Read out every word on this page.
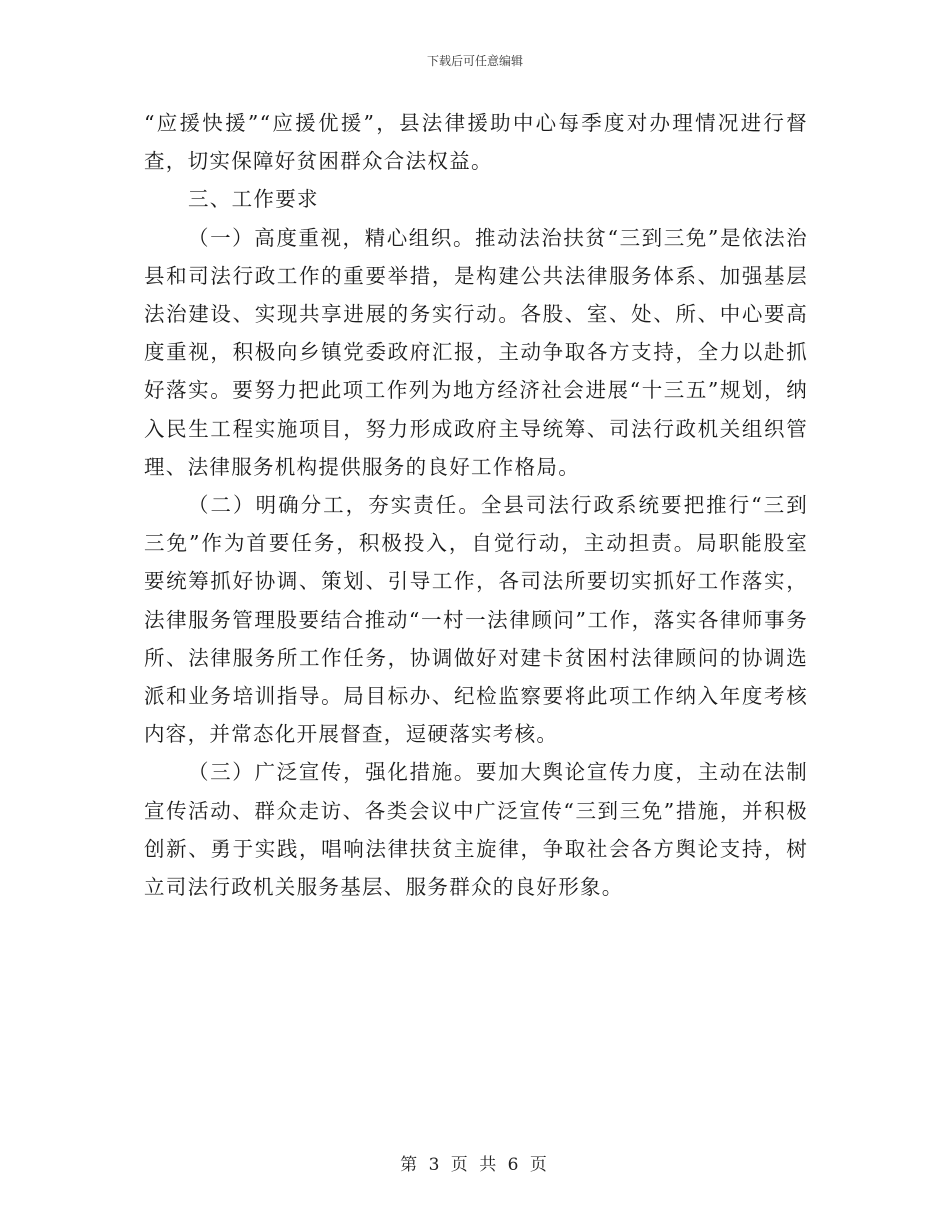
下载后可任意编辑

“应援快援”“应援优援”，县法律援助中心每季度对办理情况进行督查，切实保障好贫困群众合法权益。

三、工作要求

（一）高度重视，精心组织。推动法治扶贫“三到三免”是依法治县和司法行政工作的重要举措，是构建公共法律服务体系、加强基层法治建设、实现共享进展的务实行动。各股、室、处、所、中心要高度重视，积极向乡镇党委政府汇报，主动争取各方支持，全力以赴抓好落实。要努力把此项工作列为地方经济社会进展“十三五”规划，纳入民生工程实施项目，努力形成政府主导统筹、司法行政机关组织管理、法律服务机构提供服务的良好工作格局。

（二）明确分工，夯实责任。全县司法行政系统要把推行“三到三免”作为首要任务，积极投入，自觉行动，主动担责。局职能股室要统筹抓好协调、策划、引导工作，各司法所要切实抓好工作落实，法律服务管理股要结合推动“一村一法律顾问”工作，落实各律师事务所、法律服务所工作任务，协调做好对建卡贫困村法律顾问的协调选派和业务培训指导。局目标办、纪检监察要将此项工作纳入年度考核内容，并常态化开展督查，逗硬落实考核。

（三）广泛宣传，强化措施。要加大舆论宣传力度，主动在法制宣传活动、群众走访、各类会议中广泛宣传“三到三免”措施，并积极创新、勇于实践，唱响法律扶贫主旋律，争取社会各方舆论支持，树立司法行政机关服务基层、服务群众的良好形象。

第 3 页 共 6 页
